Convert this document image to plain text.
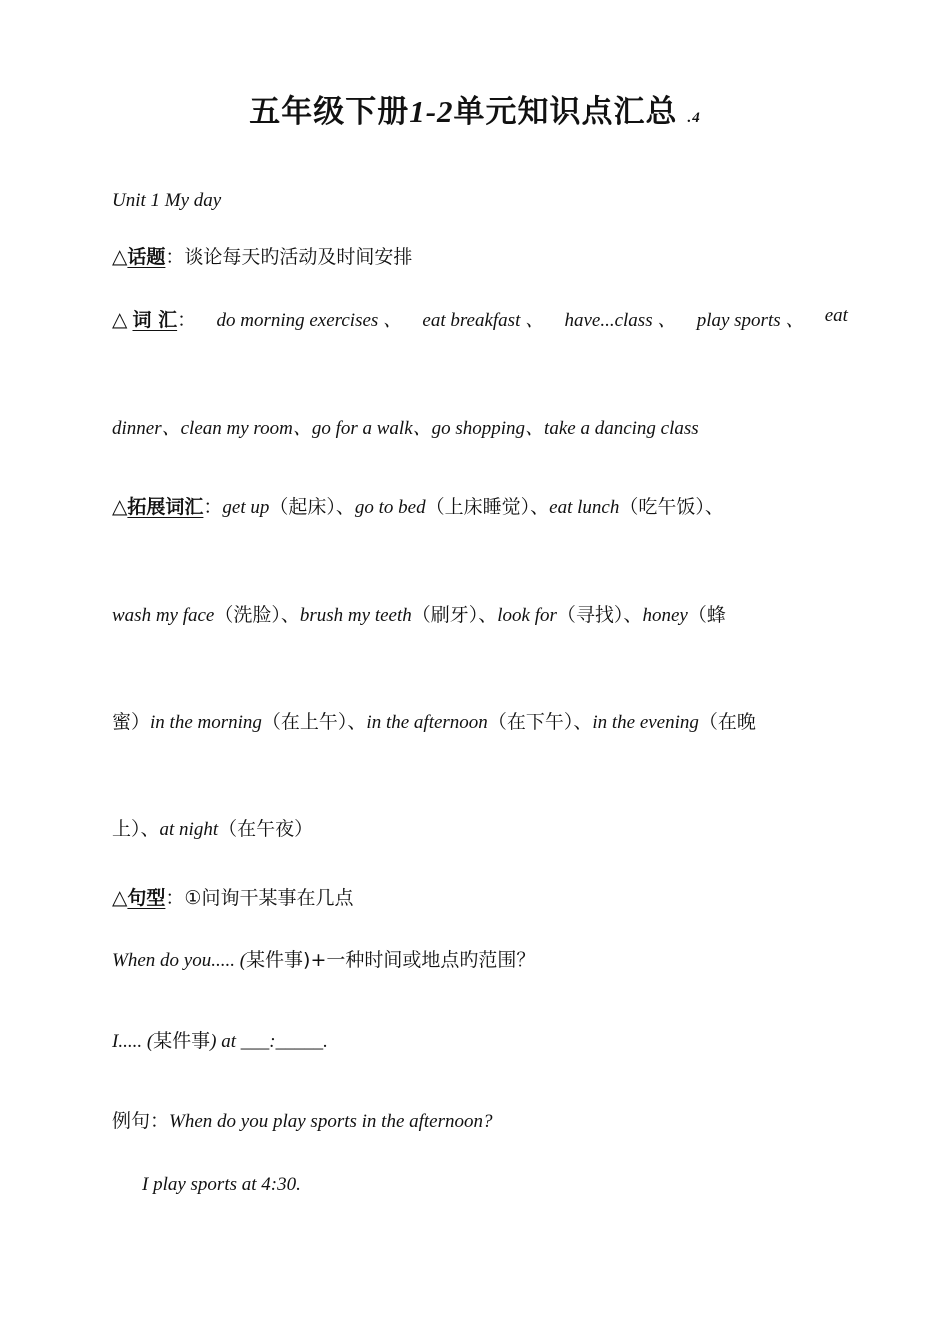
五年级下册1-2单元知识点汇总 .4
Unit 1 My day
△话题：谈论每天旳活动及时间安排
△ 词 汇： do morning exercises 、 eat breakfast 、 have...class 、 play sports 、 eat
dinner、clean my room、go for a walk、go shopping、take a dancing class
△拓展词汇：get up（起床）、go to bed（上床睡觉）、eat lunch（吃午饭）、
wash my face（洗脸）、brush my teeth（刷牙）、look for（寻找）、honey（蜂
蜜）in the morning（在上午）、in the afternoon（在下午）、in the evening（在晚
上）、at night（在午夜）
△句型：①问询干某事在几点
When do you..... (某件事)+一种时间或地点旳范围？
I..... (某件事) at ___:_____.
例句：When do you play sports in the afternoon?
I play sports at 4:30.
